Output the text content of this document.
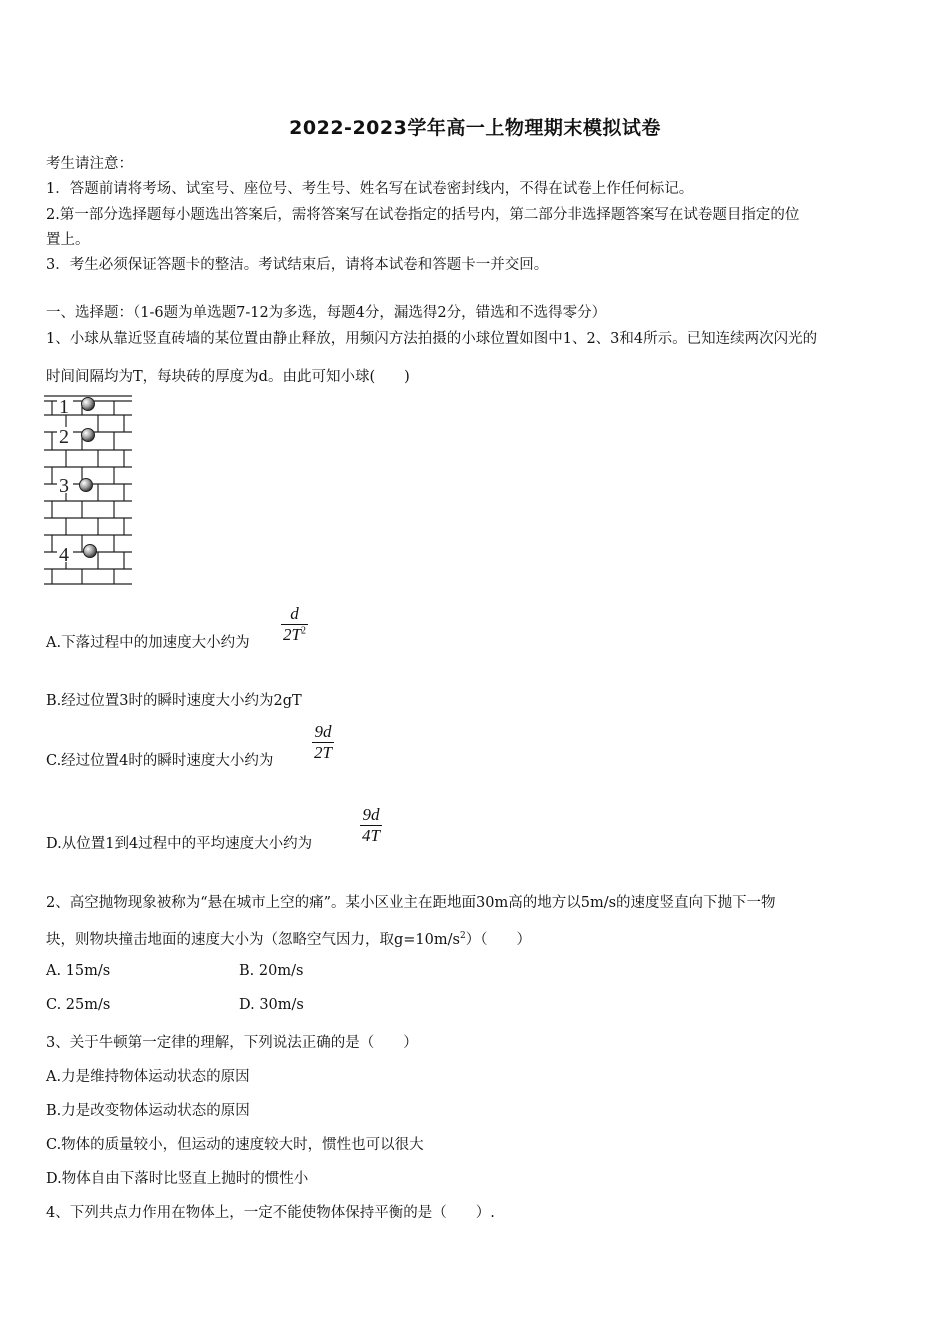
2022-2023学年高一上物理期末模拟试卷
考生请注意：
1．答题前请将考场、试室号、座位号、考生号、姓名写在试卷密封线内，不得在试卷上作任何标记。
2.第一部分选择题每小题选出答案后，需将答案写在试卷指定的括号内，第二部分非选择题答案写在试卷题目指定的位
置上。
3．考生必须保证答题卡的整洁。考试结束后，请将本试卷和答题卡一并交回。
一、选择题：（1-6题为单选题7-12为多选，每题4分，漏选得2分，错选和不选得零分）
1、小球从靠近竖直砖墙的某位置由静止释放，用频闪方法拍摄的小球位置如图中1、2、3和4所示。已知连续两次闪光的
时间间隔均为T，每块砖的厚度为d。由此可知小球(　　)
1
2
3
4
A.下落过程中的加速度大小约为
d
$2T^2$
B.经过位置3时的瞬时速度大小约为2gT
C.经过位置4时的瞬时速度大小约为
9d
2T
D.从位置1到4过程中的平均速度大小约为
9d
4T
2、高空抛物现象被称为“悬在城市上空的痛”。某小区业主在距地面30m高的地方以5m/s的速度竖直向下抛下一物
块，则物块撞击地面的速度大小为（忽略空气因力，取$g=10m/s^2$）（　　）
A. 15m/s	B. 20m/s
C. 25m/s	D. 30m/s
3、关于牛顿第一定律的理解，下列说法正确的是（　　）
A.力是维持物体运动状态的原因
B.力是改变物体运动状态的原因
C.物体的质量较小，但运动的速度较大时，惯性也可以很大
D.物体自由下落时比竖直上抛时的惯性小
4、下列共点力作用在物体上，一定不能使物体保持平衡的是（　　）.
